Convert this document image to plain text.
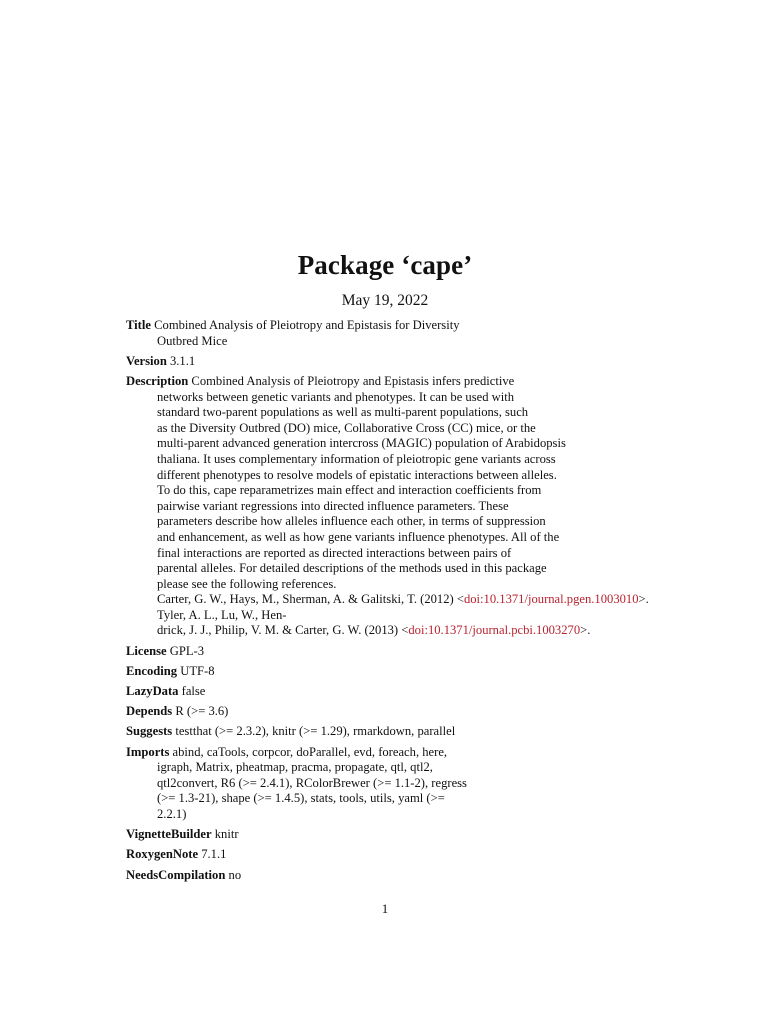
Package ‘cape’
May 19, 2022
Title Combined Analysis of Pleiotropy and Epistasis for Diversity
Outbred Mice
Version 3.1.1
Description Combined Analysis of Pleiotropy and Epistasis infers predictive
networks between genetic variants and phenotypes. It can be used with
standard two-parent populations as well as multi-parent populations, such
as the Diversity Outbred (DO) mice, Collaborative Cross (CC) mice, or the
multi-parent advanced generation intercross (MAGIC) population of Arabidopsis
thaliana. It uses complementary information of pleiotropic gene variants across
different phenotypes to resolve models of epistatic interactions between alleles.
To do this, cape reparametrizes main effect and interaction coefficients from
pairwise variant regressions into directed influence parameters. These
parameters describe how alleles influence each other, in terms of suppression
and enhancement, as well as how gene variants influence phenotypes. All of the
final interactions are reported as directed interactions between pairs of
parental alleles. For detailed descriptions of the methods used in this package
please see the following references.
Carter, G. W., Hays, M., Sherman, A. & Galitski, T. (2012) <doi:10.1371/journal.pgen.1003010>.
Tyler, A. L., Lu, W., Hen-
drick, J. J., Philip, V. M. & Carter, G. W. (2013) <doi:10.1371/journal.pcbi.1003270>.
License GPL-3
Encoding UTF-8
LazyData false
Depends R (>= 3.6)
Suggests testthat (>= 2.3.2), knitr (>= 1.29), rmarkdown, parallel
Imports abind, caTools, corpcor, doParallel, evd, foreach, here,
igraph, Matrix, pheatmap, pracma, propagate, qtl, qtl2,
qtl2convert, R6 (>= 2.4.1), RColorBrewer (>= 1.1-2), regress
(>= 1.3-21), shape (>= 1.4.5), stats, tools, utils, yaml (>=
2.2.1)
VignetteBuilder knitr
RoxygenNote 7.1.1
NeedsCompilation no
1
